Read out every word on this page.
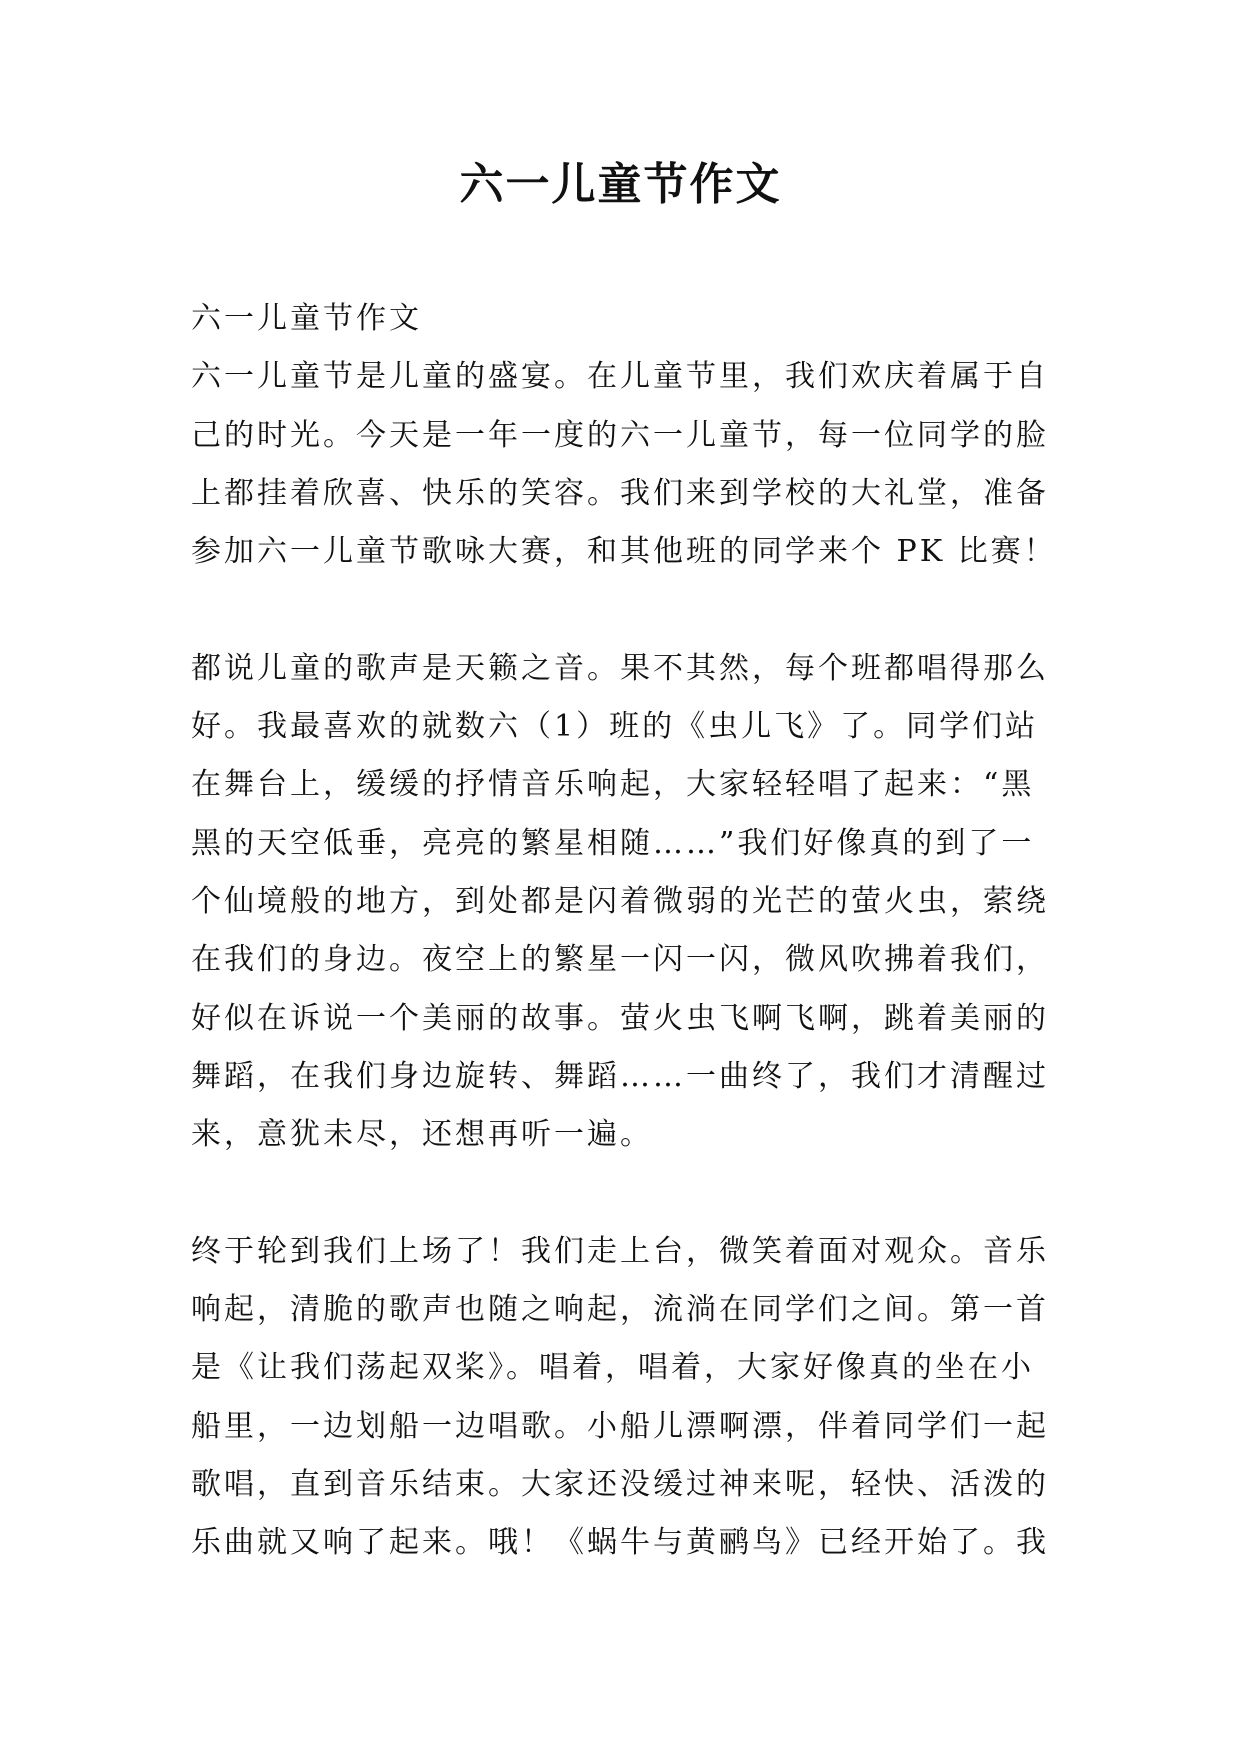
六一儿童节作文
六一儿童节作文
六一儿童节是儿童的盛宴。在儿童节里，我们欢庆着属于自
己的时光。今天是一年一度的六一儿童节，每一位同学的脸
上都挂着欣喜、快乐的笑容。我们来到学校的大礼堂，准备
参加六一儿童节歌咏大赛，和其他班的同学来个 PK 比赛！
都说儿童的歌声是天籁之音。果不其然，每个班都唱得那么
好。我最喜欢的就数六（1）班的《虫儿飞》了。同学们站
在舞台上，缓缓的抒情音乐响起，大家轻轻唱了起来：“黑
黑的天空低垂，亮亮的繁星相随……”我们好像真的到了一
个仙境般的地方，到处都是闪着微弱的光芒的萤火虫，萦绕
在我们的身边。夜空上的繁星一闪一闪，微风吹拂着我们，
好似在诉说一个美丽的故事。萤火虫飞啊飞啊，跳着美丽的
舞蹈，在我们身边旋转、舞蹈……一曲终了，我们才清醒过
来，意犹未尽，还想再听一遍。
终于轮到我们上场了！我们走上台，微笑着面对观众。音乐
响起，清脆的歌声也随之响起，流淌在同学们之间。第一首
是《让我们荡起双桨》。唱着，唱着，大家好像真的坐在小
船里，一边划船一边唱歌。小船儿漂啊漂，伴着同学们一起
歌唱，直到音乐结束。大家还没缓过神来呢，轻快、活泼的
乐曲就又响了起来。哦！《蜗牛与黄鹂鸟》已经开始了。我
